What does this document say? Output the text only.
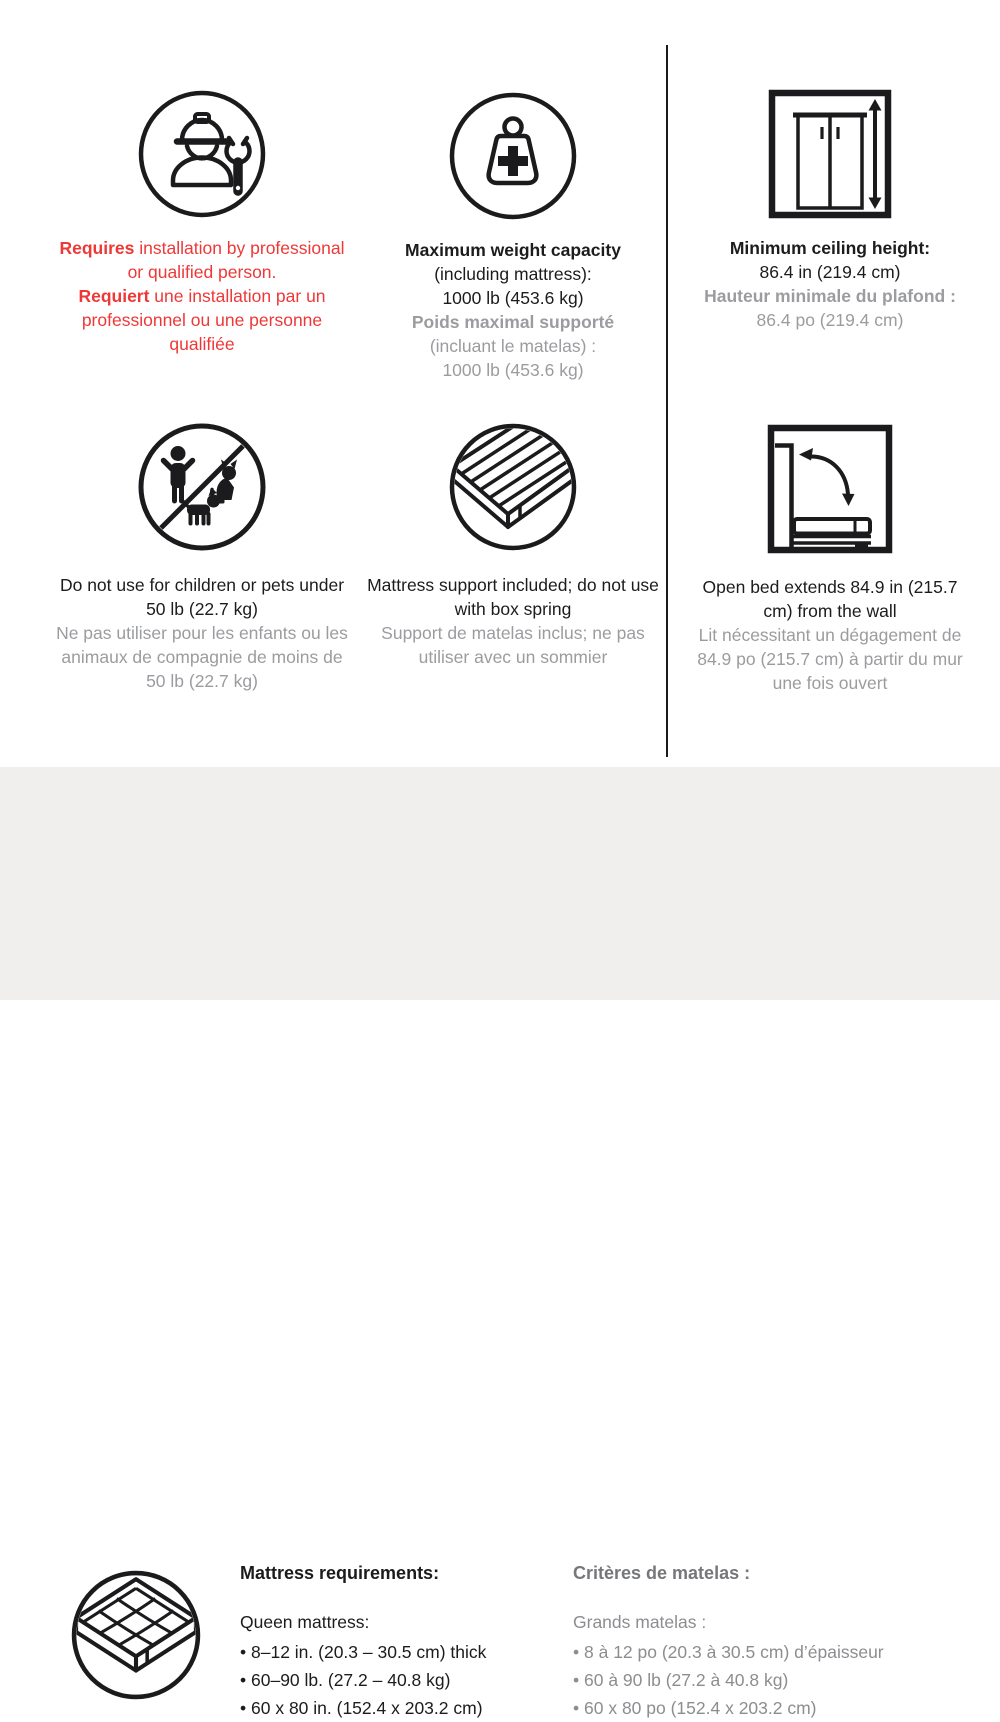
Requires installation by professional or qualified person.

Requiert une installation par un professionnel ou une personne qualifiée

Maximum weight capacity

(including mattress):

1000 lb (453.6 kg)

Poids maximal supporté

(incluant le matelas) :

1000 lb (453.6 kg)

Minimum ceiling height:

86.4 in (219.4 cm)

Hauteur minimale du plafond :

86.4 po (219.4 cm)

Do not use for children or pets under 50 lb (22.7 kg)

Ne pas utiliser pour les enfants ou les animaux de compagnie de moins de 50 lb (22.7 kg)

Mattress support included; do not use with box spring

Support de matelas inclus; ne pas utiliser avec un sommier

Open bed extends 84.9 in (215.7 cm) from the wall

Lit nécessitant un dégagement de 84.9 po (215.7 cm) à partir du mur une fois ouvert

Mattress requirements:

Queen mattress:

• 8–12 in. (20.3 – 30.5 cm) thick
• 60–90 lb. (27.2 – 40.8 kg)
• 60 x 80 in. (152.4 x 203.2 cm)
Critères de matelas :

Grands matelas :

• 8 à 12 po (20.3 à 30.5 cm) d’épaisseur
• 60 à 90 lb (27.2 à 40.8 kg)
• 60 x 80 po (152.4 x 203.2 cm)
